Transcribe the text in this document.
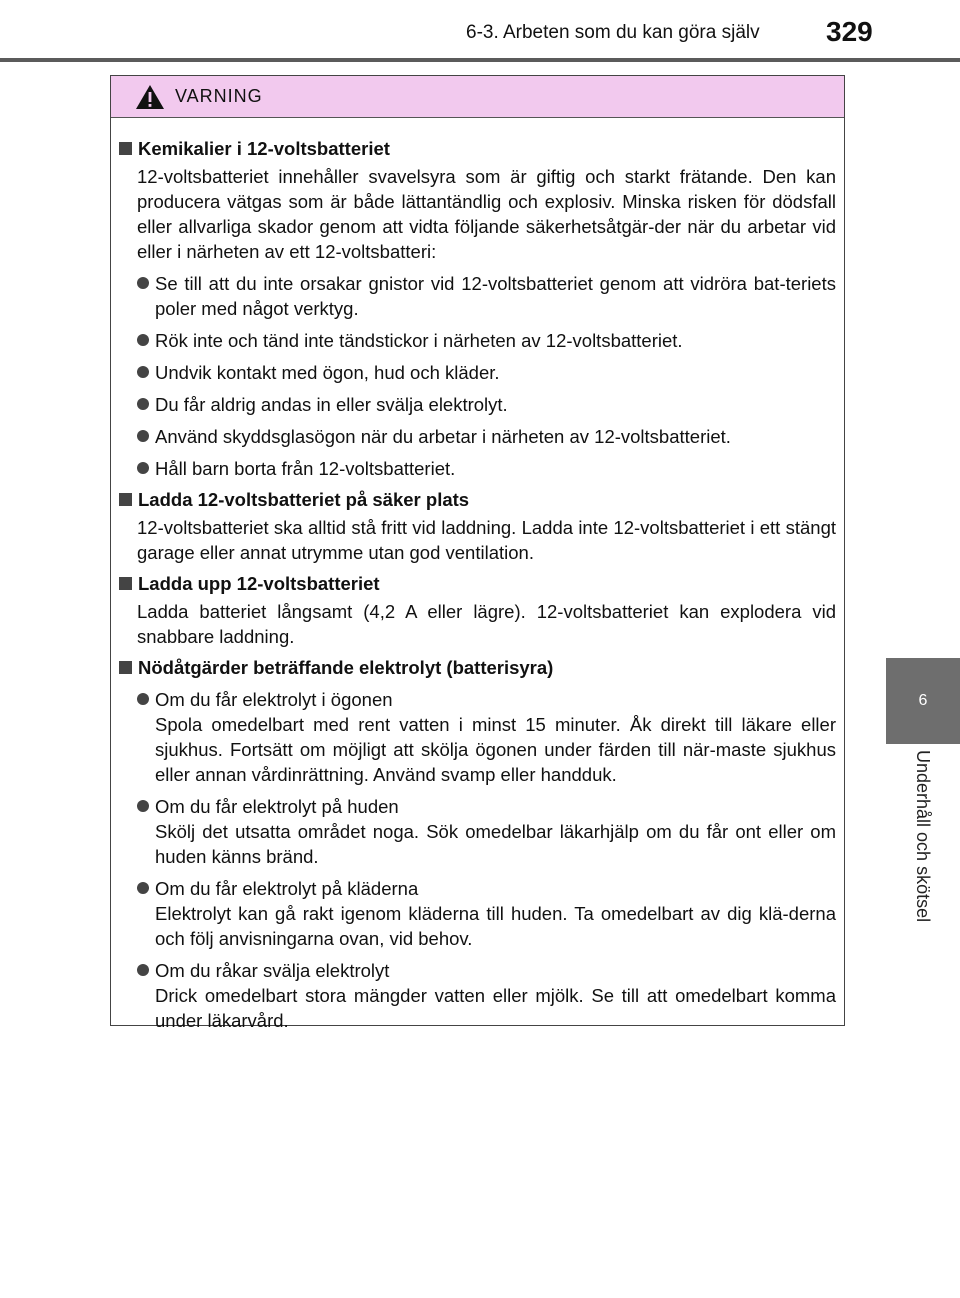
6-3. Arbeten som du kan göra själv 329
6
Underhåll och skötsel
VARNING
Kemikalier i 12-voltsbatteriet
12-voltsbatteriet innehåller svavelsyra som är giftig och starkt frätande. Den kan producera vätgas som är både lättantändlig och explosiv. Minska risken för dödsfall eller allvarliga skador genom att vidta följande säkerhetsåtgär-der när du arbetar vid eller i närheten av ett 12-voltsbatteri:
Se till att du inte orsakar gnistor vid 12-voltsbatteriet genom att vidröra bat-teriets poler med något verktyg.
Rök inte och tänd inte tändstickor i närheten av 12-voltsbatteriet.
Undvik kontakt med ögon, hud och kläder.
Du får aldrig andas in eller svälja elektrolyt.
Använd skyddsglasögon när du arbetar i närheten av 12-voltsbatteriet.
Håll barn borta från 12-voltsbatteriet.
Ladda 12-voltsbatteriet på säker plats
12-voltsbatteriet ska alltid stå fritt vid laddning. Ladda inte 12-voltsbatteriet i ett stängt garage eller annat utrymme utan god ventilation.
Ladda upp 12-voltsbatteriet
Ladda batteriet långsamt (4,2 A eller lägre). 12-voltsbatteriet kan explodera vid snabbare laddning.
Nödåtgärder beträffande elektrolyt (batterisyra)
Om du får elektrolyt i ögonen
Spola omedelbart med rent vatten i minst 15 minuter. Åk direkt till läkare eller sjukhus. Fortsätt om möjligt att skölja ögonen under färden till när-maste sjukhus eller annan vårdinrättning. Använd svamp eller handduk.
Om du får elektrolyt på huden
Skölj det utsatta området noga. Sök omedelbar läkarhjälp om du får ont eller om huden känns bränd.
Om du får elektrolyt på kläderna
Elektrolyt kan gå rakt igenom kläderna till huden. Ta omedelbart av dig klä-derna och följ anvisningarna ovan, vid behov.
Om du råkar svälja elektrolyt
Drick omedelbart stora mängder vatten eller mjölk. Se till att omedelbart komma under läkarvård.
